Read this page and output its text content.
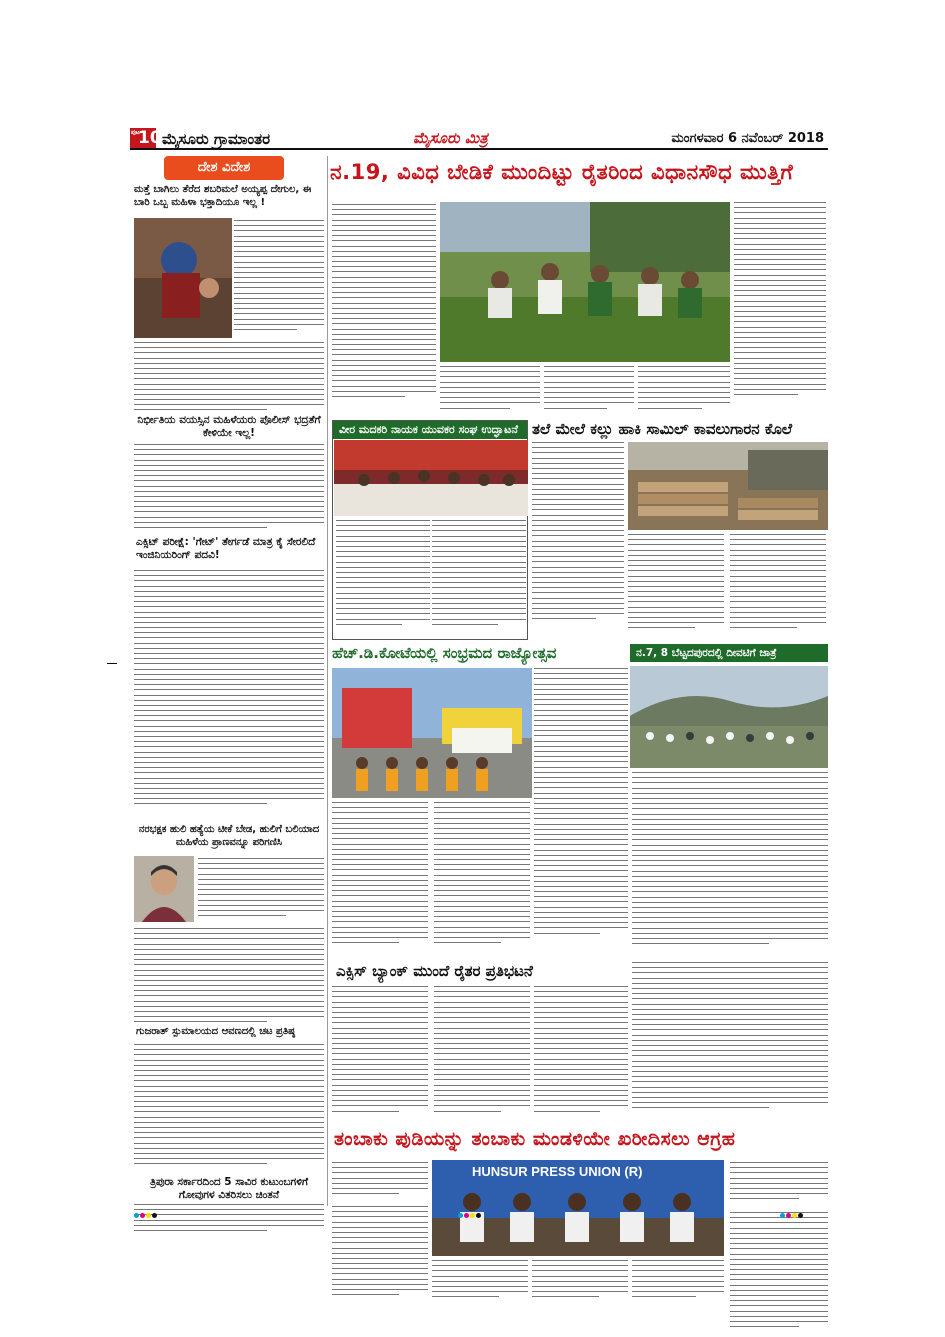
ಪುಟ
10 ಮೈಸೂರು ಗ್ರಾಮಾಂತರ	ಮೈಸೂರು ಮಿತ್ರ	ಮಂಗಳವಾರ 6 ನವೆಂಬರ್ 2018
ದೇಶ ವಿದೇಶ
ಮತ್ತೆ ಬಾಗಿಲು ತೆರೆದ ಶಬರಿಮಲೆ ಅಯ್ಯಪ್ಪ ದೇಗುಲ, ಈ ಬಾರಿ ಒಬ್ಬ ಮಹಿಳಾ ಭಕ್ತಾದಿಯೂ ಇಲ್ಲ !
ನಿರ್ಭೀತಿಯ ವಯಸ್ಸಿನ ಮಹಿಳೆಯರು ಪೊಲೀಸ್ ಭದ್ರತೆಗೆ ಕೇಳಿಯೇ ಇಲ್ಲ!
ಎಕ್ಸಿಟ್ ಪರೀಕ್ಷೆ: 'ಗೇಟ್' ತೇರ್ಗಡೆ ಮಾತ್ರ ಕೈ ಸೇರಲಿದೆ ಇಂಜಿನಿಯರಿಂಗ್ ಪದವಿ!
ನರಭಕ್ಷಕ ಹುಲಿ ಹತ್ಯೆಯ ಟೀಕೆ ಬೇಡ, ಹುಲಿಗೆ ಬಲಿಯಾದ ಮಹಿಳೆಯ ಪ್ರಾಣವನ್ನೂ ಪರಿಗಣಿಸಿ
ಗುಜರಾತ್ ಸ್ಪುಮಾಲಯದ ಆವಣದಲ್ಲಿ ಚಟ ಪ್ರತಿಷ್ಠ
ತ್ರಿಪುರಾ ಸರ್ಕಾರದಿಂದ 5 ಸಾವಿರ ಕುಟುಂಬಗಳಿಗೆ ಗೋವುಗಳ ವಿತರಿಸಲು ಚಿಂತನೆ
ನ.19, ವಿವಿಧ ಬೇಡಿಕೆ ಮುಂದಿಟ್ಟು ರೈತರಿಂದ ವಿಧಾನಸೌಧ ಮುತ್ತಿಗೆ
ವೀರ ಮದಕರಿ ನಾಯಕ ಯುವಕರ ಸಂಘ ಉದ್ಘಾಟನೆ ತಲೆ ಮೇಲೆ ಕಲ್ಲು ಹಾಕಿ ಸಾಮಿಲ್ ಕಾವಲುಗಾರನ ಕೊಲೆ
ಹೆಚ್.ಡಿ.ಕೋಟೆಯಲ್ಲಿ ಸಂಭ್ರಮದ ರಾಜ್ಯೋತ್ಸವ	ನ.7, 8 ಬೆಟ್ಟದಪುರದಲ್ಲಿ ದೀವಟಿಗೆ ಜಾತ್ರೆ
ಎಕ್ಸಿಸ್ ಬ್ಯಾಂಕ್ ಮುಂದೆ ರೈತರ ಪ್ರತಿಭಟನೆ
ತಂಬಾಕು ಪುಡಿಯನ್ನು ತಂಬಾಕು ಮಂಡಳಿಯೇ ಖರೀದಿಸಲು ಆಗ್ರಹ
HUNSUR PRESS UNION (R)
